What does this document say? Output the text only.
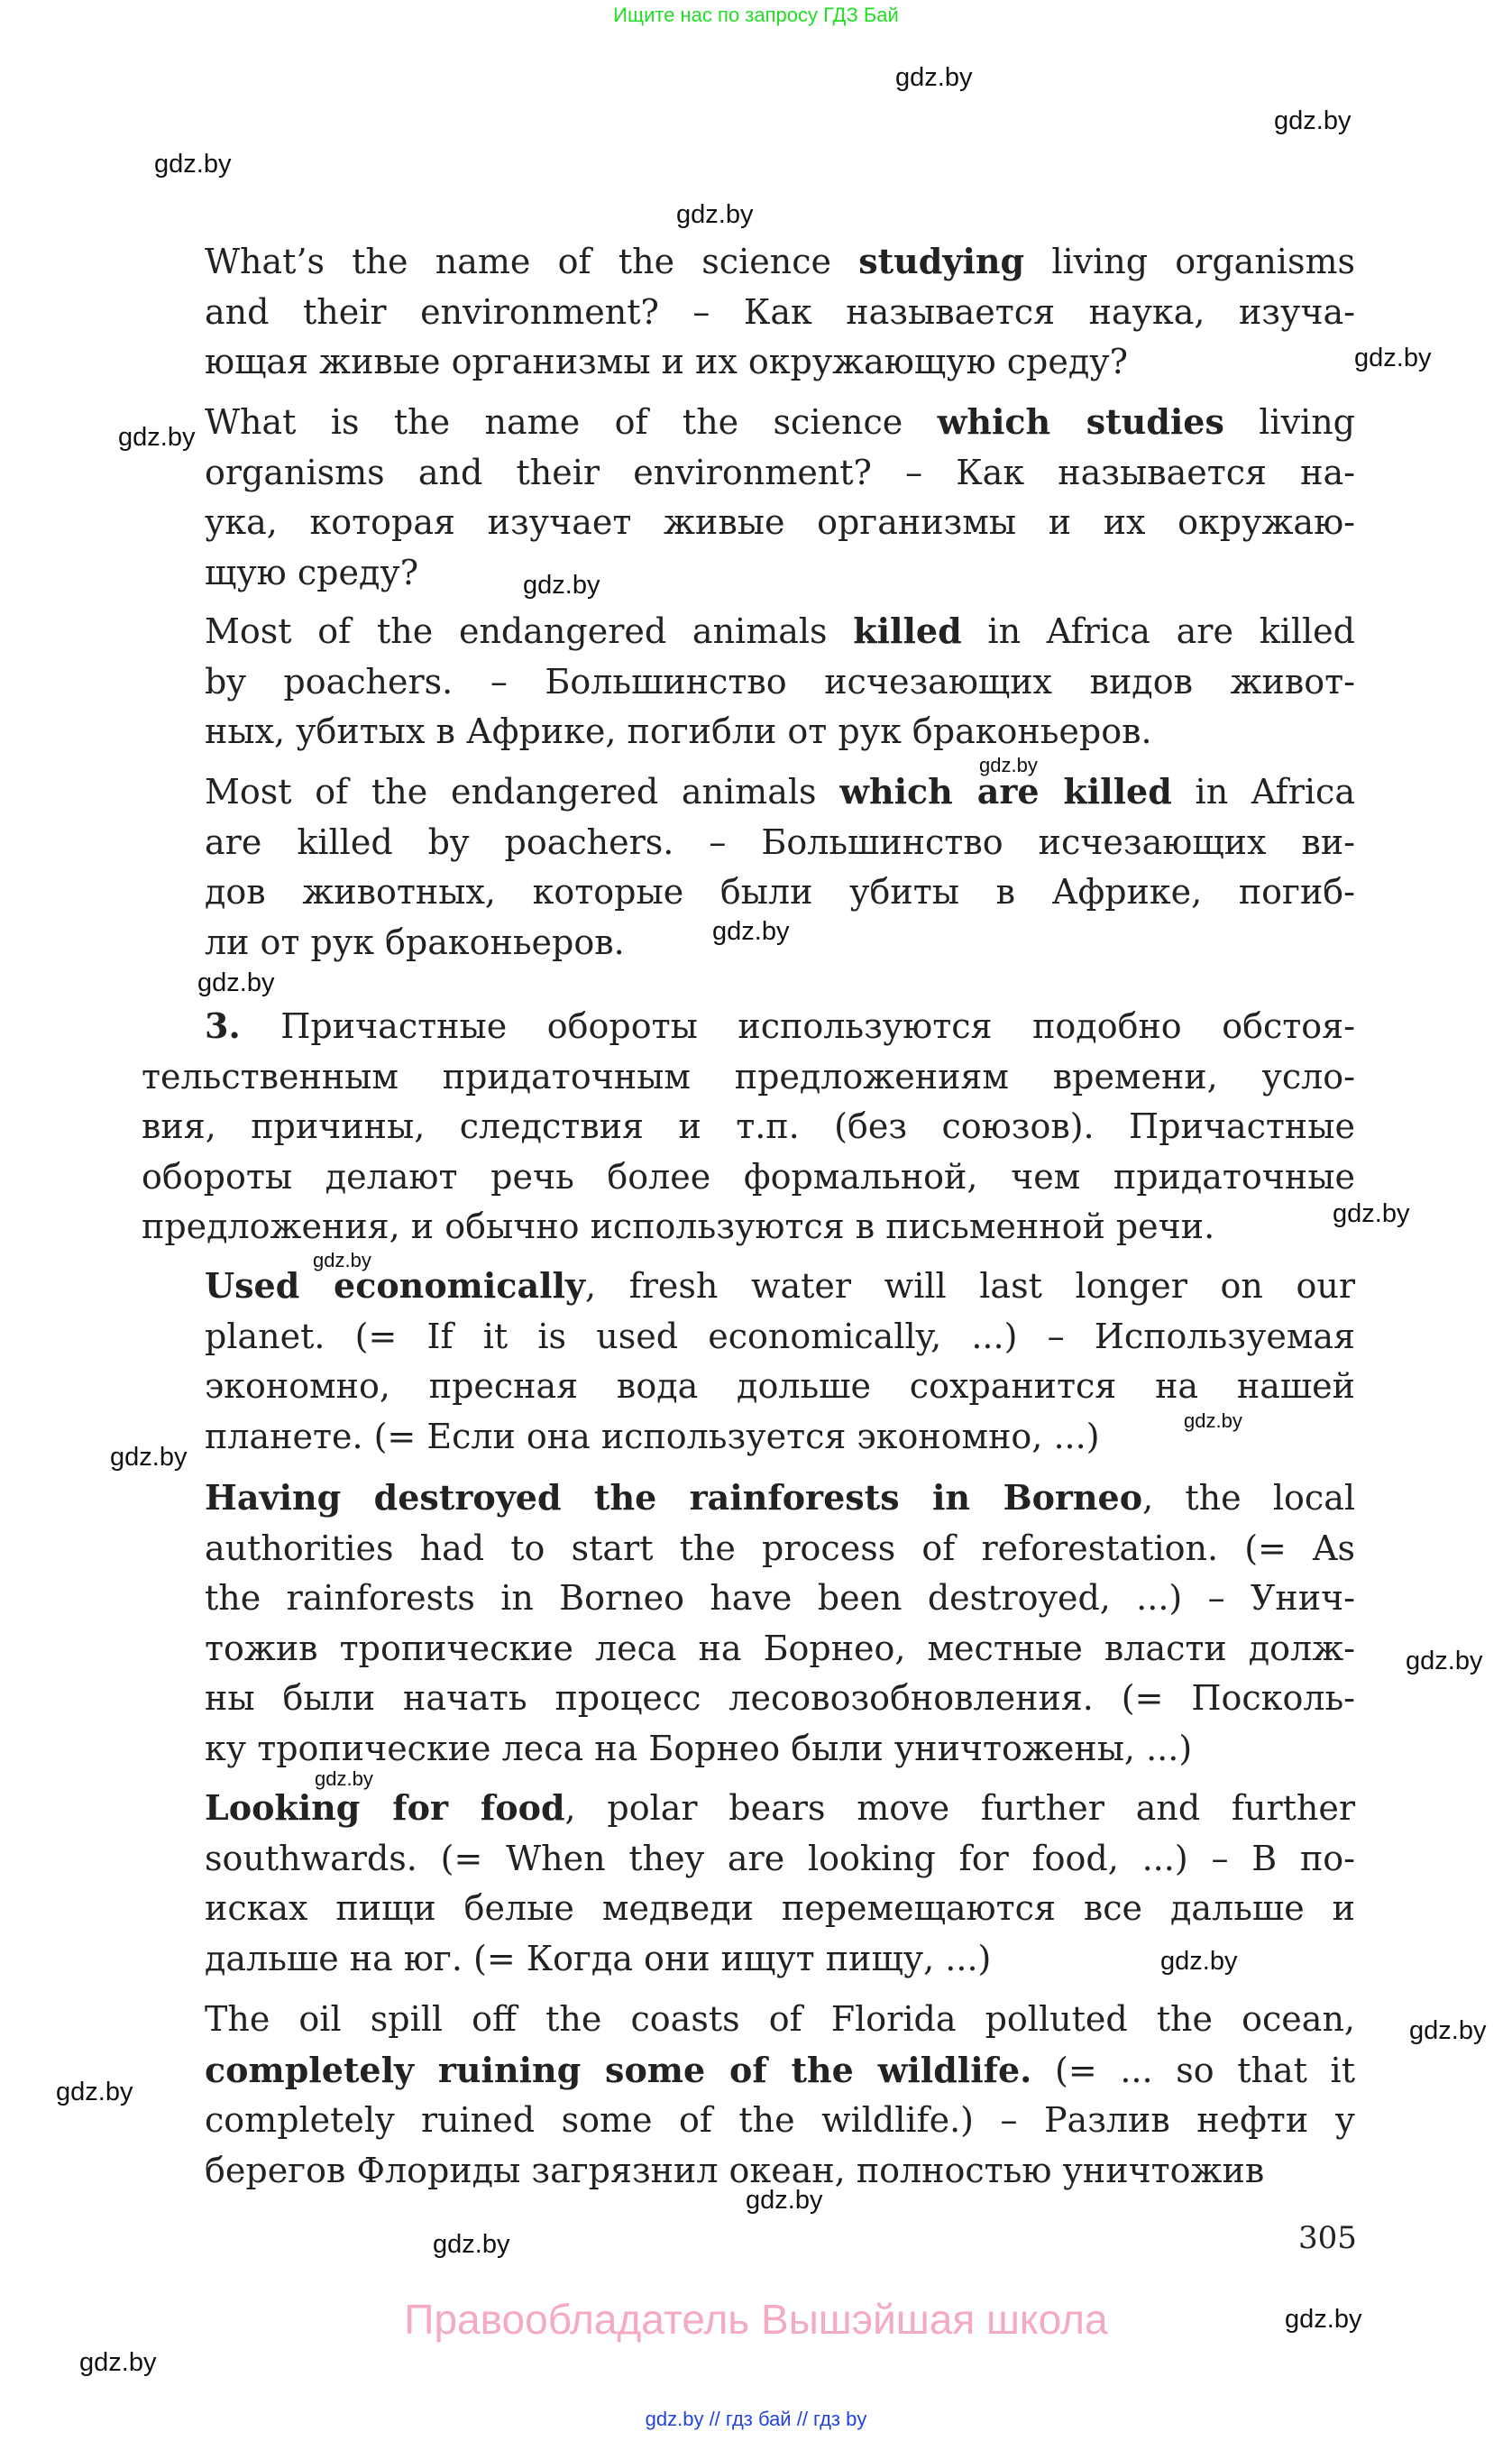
Ищите нас по запросу ГДЗ Бай
gdz.by
gdz.by
gdz.by
gdz.by
gdz.by
gdz.by
gdz.by
gdz.by
gdz.by
gdz.by
gdz.by
gdz.by
gdz.by
gdz.by
gdz.by
gdz.by
gdz.by
gdz.by
gdz.by
gdz.by
gdz.by
gdz.by
gdz.by
What’s the name of the science studying living organisms
and their environment? – Как называется наука, изуча-
ющая живые организмы и их окружающую среду?
What is the name of the science which studies living
organisms and their environment? – Как называется на-
ука, которая изучает живые организмы и их окружаю-
щую среду?
Most of the endangered animals killed in Africa are killed
by poachers. – Большинство исчезающих видов живот-
ных, убитых в Африке, погибли от рук браконьеров.
Most of the endangered animals which are killed in Africa
are killed by poachers. – Большинство исчезающих ви-
дов животных, которые были убиты в Африке, погиб-
ли от рук браконьеров.
3. Причастные обороты используются подобно обстоя-
тельственным придаточным предложениям времени, усло-
вия, причины, следствия и т.п. (без союзов). Причастные
обороты делают речь более формальной, чем придаточные
предложения, и обычно используются в письменной речи.
Used economically, fresh water will last longer on our
planet. (= If it is used economically, ...) – Используемая
экономно, пресная вода дольше сохранится на нашей
планете. (= Если она используется экономно, ...)
Having destroyed the rainforests in Borneo, the local
authorities had to start the process of reforestation. (= As
the rainforests in Borneo have been destroyed, ...) – Унич-
тожив тропические леса на Борнео, местные власти долж-
ны были начать процесс лесовозобновления. (= Посколь-
ку тропические леса на Борнео были уничтожены, ...)
Looking for food, polar bears move further and further
southwards. (= When they are looking for food, ...) – В по-
исках пищи белые медведи перемещаются все дальше и
дальше на юг. (= Когда они ищут пищу, ...)
The oil spill off the coasts of Florida polluted the ocean,
completely ruining some of the wildlife. (= ... so that it
completely ruined some of the wildlife.) – Разлив нефти у
берегов Флориды загрязнил океан, полностью уничтожив
305
Правообладатель Вышэйшая школа
gdz.by // гдз бай // гдз by
